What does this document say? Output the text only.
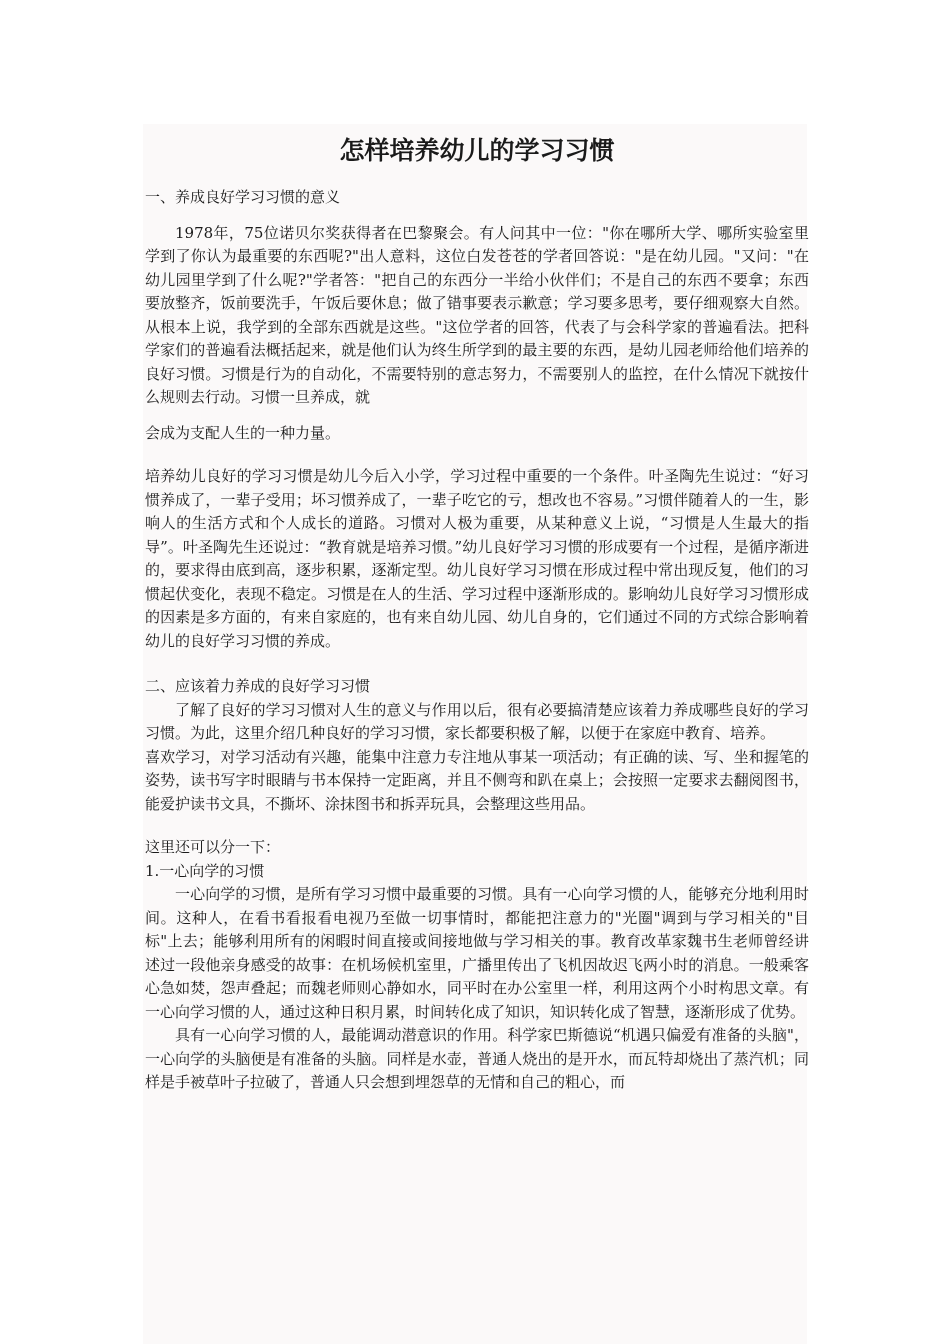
怎样培养幼儿的学习习惯

一、养成良好学习习惯的意义

1978年，75位诺贝尔奖获得者在巴黎聚会。有人问其中一位："你在哪所大学、哪所实验室里学到了你认为最重要的东西呢?"出人意料，这位白发苍苍的学者回答说："是在幼儿园。"又问："在幼儿园里学到了什么呢?"学者答："把自己的东西分一半给小伙伴们；不是自己的东西不要拿；东西要放整齐，饭前要洗手，午饭后要休息；做了错事要表示歉意；学习要多思考，要仔细观察大自然。从根本上说，我学到的全部东西就是这些。"这位学者的回答，代表了与会科学家的普遍看法。把科学家们的普遍看法概括起来，就是他们认为终生所学到的最主要的东西，是幼儿园老师给他们培养的良好习惯。习惯是行为的自动化，不需要特别的意志努力，不需要别人的监控，在什么情况下就按什么规则去行动。习惯一旦养成，就

会成为支配人生的一种力量。

培养幼儿良好的学习习惯是幼儿今后入小学，学习过程中重要的一个条件。叶圣陶先生说过：“好习惯养成了，一辈子受用；坏习惯养成了，一辈子吃它的亏，想改也不容易。”习惯伴随着人的一生，影响人的生活方式和个人成长的道路。习惯对人极为重要，从某种意义上说，“习惯是人生最大的指导”。叶圣陶先生还说过：“教育就是培养习惯。”幼儿良好学习习惯的形成要有一个过程，是循序渐进的，要求得由底到高，逐步积累，逐渐定型。幼儿良好学习习惯在形成过程中常出现反复，他们的习惯起伏变化，表现不稳定。习惯是在人的生活、学习过程中逐渐形成的。影响幼儿良好学习习惯形成的因素是多方面的，有来自家庭的，也有来自幼儿园、幼儿自身的，它们通过不同的方式综合影响着幼儿的良好学习习惯的养成。

二、应该着力养成的良好学习习惯

了解了良好的学习习惯对人生的意义与作用以后，很有必要搞清楚应该着力养成哪些良好的学习习惯。为此，这里介绍几种良好的学习习惯，家长都要积极了解，以便于在家庭中教育、培养。

喜欢学习，对学习活动有兴趣，能集中注意力专注地从事某一项活动；有正确的读、写、坐和握笔的姿势，读书写字时眼睛与书本保持一定距离，并且不侧弯和趴在桌上；会按照一定要求去翻阅图书，能爱护读书文具，不撕坏、涂抹图书和拆弄玩具，会整理这些用品。

这里还可以分一下：

1.一心向学的习惯

一心向学的习惯，是所有学习习惯中最重要的习惯。具有一心向学习惯的人，能够充分地利用时间。这种人，在看书看报看电视乃至做一切事情时，都能把注意力的"光圈"调到与学习相关的"目标"上去；能够利用所有的闲暇时间直接或间接地做与学习相关的事。教育改革家魏书生老师曾经讲述过一段他亲身感受的故事：在机场候机室里，广播里传出了飞机因故迟飞两小时的消息。一般乘客心急如焚，怨声叠起；而魏老师则心静如水，同平时在办公室里一样，利用这两个小时构思文章。有一心向学习惯的人，通过这种日积月累，时间转化成了知识，知识转化成了智慧，逐渐形成了优势。

具有一心向学习惯的人，最能调动潜意识的作用。科学家巴斯德说“机遇只偏爱有准备的头脑"，一心向学的头脑便是有准备的头脑。同样是水壶，普通人烧出的是开水，而瓦特却烧出了蒸汽机；同样是手被草叶子拉破了，普通人只会想到埋怨草的无情和自己的粗心，而
